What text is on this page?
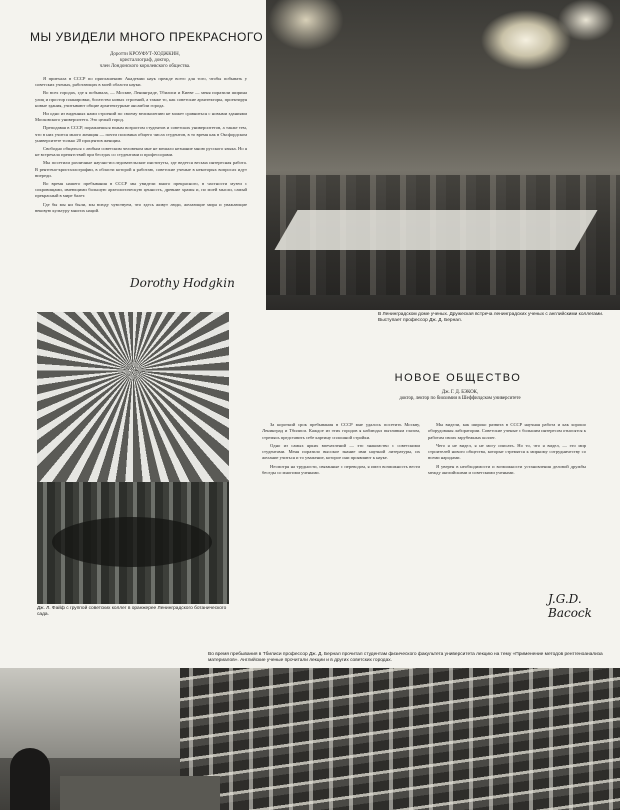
МЫ УВИДЕЛИ МНОГО ПРЕКРАСНОГО
Доротти КРОУФУТ-ХОДЖКИН,
кристаллограф, доктор,
член Лондонского королевского общества.

Я приехала в СССР по приглашению Академии наук прежде всего для того, чтобы побывать у советских ученых, работающих в моей области науки.

Во всех городах, где я побывала, — Москве, Ленинграде, Тбилиси и Киеве — меня поразили ширина улиц и простор планировки, богатство новых строений, а также то, как советские архитекторы, проектируя новые здания, учитывают общие архитектурные ансамбли города.

Ни одно из виденных нами строений по своему великолепию не может сравниться с новыми зданиями Московского университета. Это целый город.

Преподавая в СССР, поражаешься юным возрастом студентов и советских университетов, а также тем, что в них учится много женщин — почти половина общего числа студентов, в то время как в Оксфордском университете только 20 процентов женщин.

Свободно общаться с любым советским человеком мне не мешало незнание мною русского языка. Но я не встречала препятствий при беседах со студентами и профессорами.

Мы посетили различные научно-исследовательские институты, где ведется весьма интересная работа. В рентгено-кристаллографии, в области которой я работаю, советские ученые в некоторых вопросах идут впереди.

Во время нашего пребывания в СССР мы увидели много прекрасного, в частности музеи с сокровищами, имеющими большую археологическую ценность, древние храмы и, по моей мысли, самый прекрасный в мире балет.

Где бы мы ни были, мы всюду чувствуем, что здесь живут люди, желающие мира и уважающие вековую культуру многих наций.

Dorothy Hodgkin
В Ленинградском доме ученых. Дружеская встреча ленинградских ученых с английскими коллегами. Выступает профессор Дж. Д. Бернал.
Дж. Л. Файф с группой советских коллег в оранжерее Ленинградского ботанического сада.
НОВОЕ ОБЩЕСТВО
Дж. Г. Д. БЭКОК,
доктор, лектор по биохимии в Шеффилдском университете

За короткий срок пребывания в СССР мне удалось посетить Москву, Ленинград и Тбилиси. Каждое из этих городов я наблюдал пытливым глазом, стремясь представить себе картину сплошной стройки.

Одно из самых ярких впечатлений — это знакомство с советскими студентами. Меня поразило высокое знание ими научной литературы, их желание учиться и то уважение, которое они проявляют к науке.

Несмотря на трудности, связанные с переводом, я имел возможность вести беседы со многими учеными.

Мы видели, как широко развита в СССР научная работа и как хорошо оборудованы лаборатории. Советские ученые с большим интересом относятся к работам своих зарубежных коллег.

Чего я не видел, я не могу описать. Но то, что я видел, — это мир строителей нового общества, которые стремятся к мирному сотрудничеству со всеми народами.

Я уверен в необходимости и возможности установления деловой дружбы между английскими и советскими учеными.

J.G.D. Bacock
Во время пребывания в Тбилиси профессор Дж. Д. Бернал прочитал студентам физического факультета университета лекцию на тему «Применение методов рентгеноанализа материалов». Английские ученые прочитали лекции и в других советских городах.
